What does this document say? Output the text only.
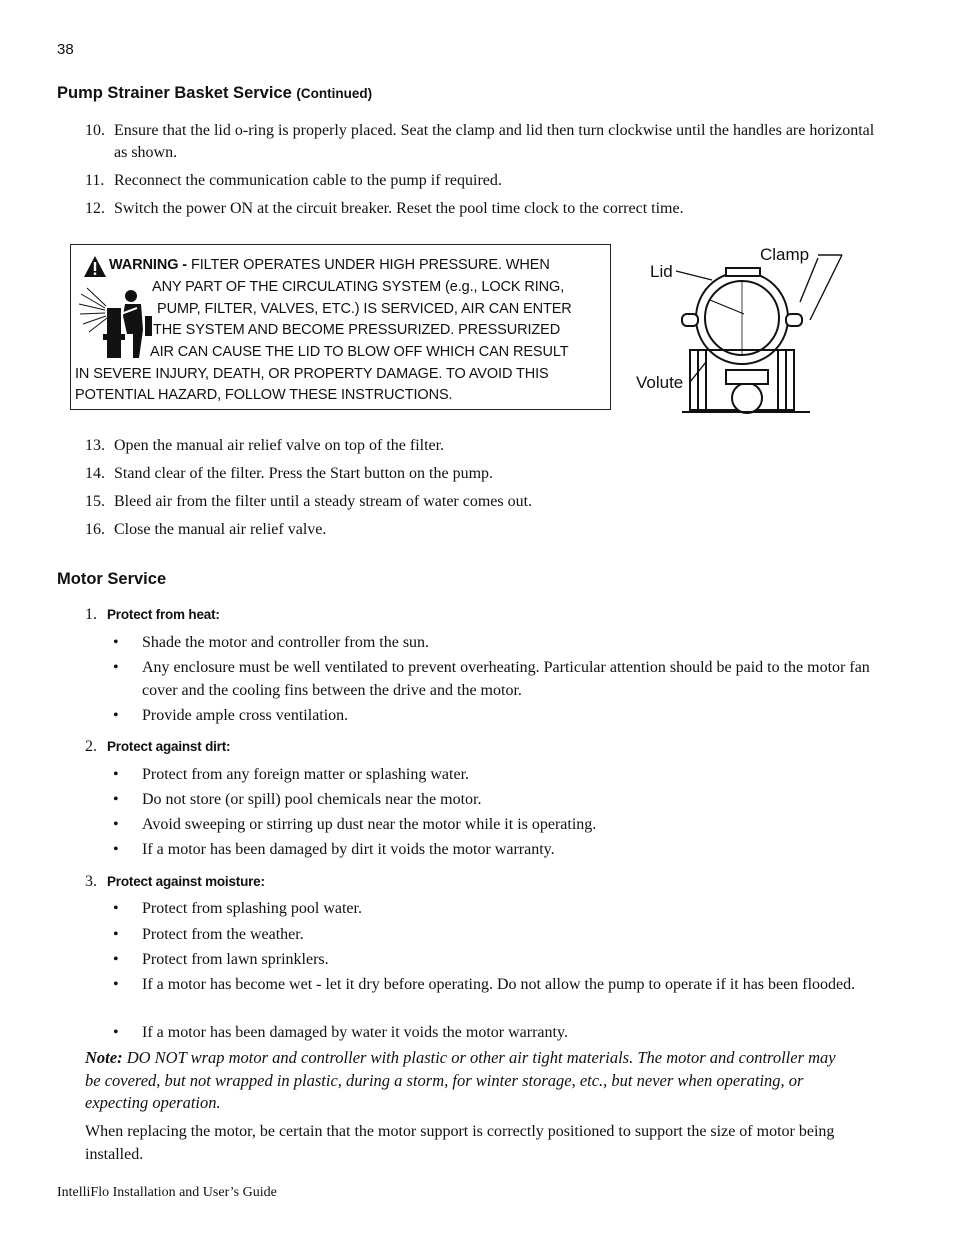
38
Pump Strainer Basket Service (Continued)
10. Ensure that the lid o-ring is properly placed. Seat the clamp and lid then turn clockwise until the handles are horizontal as shown.
11. Reconnect the communication cable to the pump if required.
12. Switch the power ON at the circuit breaker. Reset the pool time clock to the correct time.
WARNING - FILTER OPERATES UNDER HIGH PRESSURE. WHEN
ANY PART OF THE CIRCULATING SYSTEM (e.g., LOCK RING,
PUMP, FILTER, VALVES, ETC.) IS SERVICED, AIR CAN ENTER
THE SYSTEM AND BECOME PRESSURIZED. PRESSURIZED
AIR CAN CAUSE THE LID TO BLOW OFF WHICH CAN RESULT
IN SEVERE INJURY, DEATH, OR PROPERTY DAMAGE. TO AVOID THIS
POTENTIAL HAZARD, FOLLOW THESE INSTRUCTIONS.
Lid
Clamp
Volute
13. Open the manual air relief valve on top of the filter.
14. Stand clear of the filter. Press the Start button on the pump.
15. Bleed air from the filter until a steady stream of water comes out.
16. Close the manual air relief valve.
Motor Service
1. Protect from heat:
•	Shade the motor and controller from the sun.
•	Any enclosure must be well ventilated to prevent overheating. Particular attention should be paid to the motor fan cover and the cooling fins between the drive and the motor.
•	Provide ample cross ventilation.
2. Protect against dirt:
•	Protect from any foreign matter or splashing water.
•	Do not store (or spill) pool chemicals near the motor.
•	Avoid sweeping or stirring up dust near the motor while it is operating.
•	If a motor has been damaged by dirt it voids the motor warranty.
3. Protect against moisture:
•	Protect from splashing pool water.
•	Protect from the weather.
•	Protect from lawn sprinklers.
•	If a motor has become wet - let it dry before operating. Do not allow the pump to operate if it has been flooded.
•	If a motor has been damaged by water it voids the motor warranty.
Note: DO NOT wrap motor and controller with plastic or other air tight materials. The motor and controller may be covered, but not wrapped in plastic, during a storm, for winter storage, etc., but never when operating, or expecting operation.
When replacing the motor, be certain that the motor support is correctly positioned to support the size of motor being installed.
IntelliFlo Installation and User’s Guide
